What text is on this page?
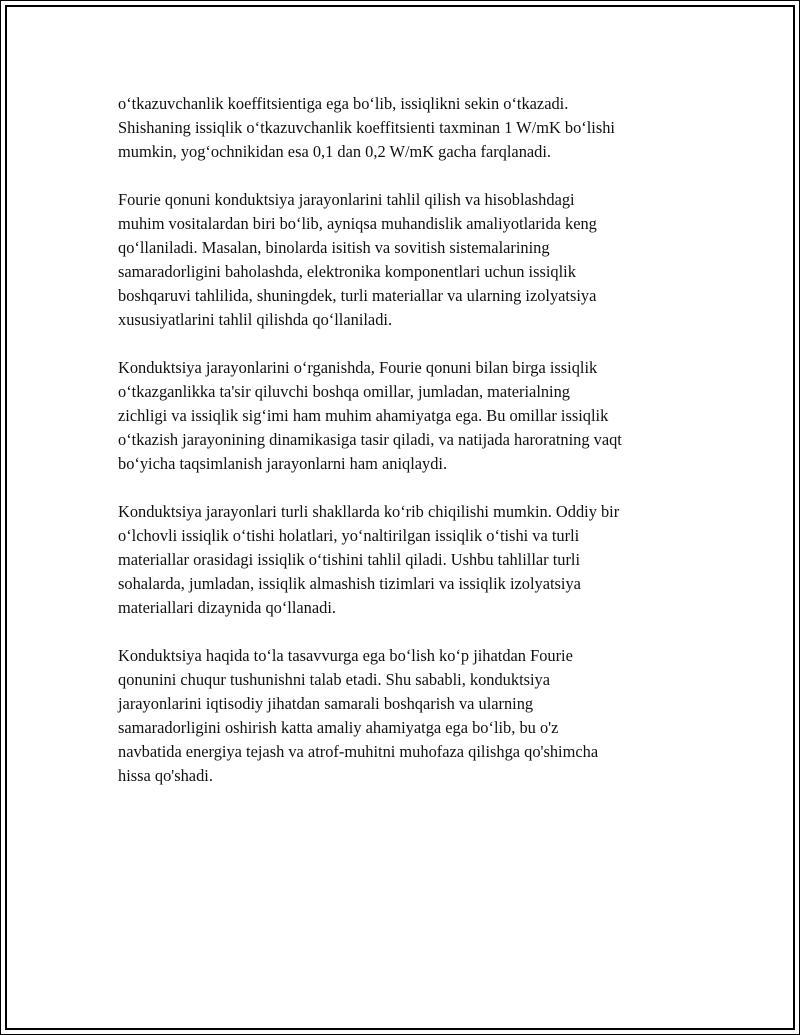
o‘tkazuvchanlik koeffitsientiga ega bo‘lib, issiqlikni sekin o‘tkazadi.
Shishaning issiqlik o‘tkazuvchanlik koeffitsienti taxminan 1 W/mK bo‘lishi
mumkin, yog‘ochnikidan esa 0,1 dan 0,2 W/mK gacha farqlanadi.

Fourie qonuni konduktsiya jarayonlarini tahlil qilish va hisoblashdagi
muhim vositalardan biri bo‘lib, ayniqsa muhandislik amaliyotlarida keng
qo‘llaniladi. Masalan, binolarda isitish va sovitish sistemalarining
samaradorligini baholashda, elektronika komponentlari uchun issiqlik
boshqaruvi tahlilida, shuningdek, turli materiallar va ularning izolyatsiya
xususiyatlarini tahlil qilishda qo‘llaniladi.

Konduktsiya jarayonlarini o‘rganishda, Fourie qonuni bilan birga issiqlik
o‘tkazganlikka ta'sir qiluvchi boshqa omillar, jumladan, materialning
zichligi va issiqlik sig‘imi ham muhim ahamiyatga ega. Bu omillar issiqlik
o‘tkazish jarayonining dinamikasiga tasir qiladi, va natijada haroratning vaqt
bo‘yicha taqsimlanish jarayonlarni ham aniqlaydi.

Konduktsiya jarayonlari turli shakllarda ko‘rib chiqilishi mumkin. Oddiy bir
o‘lchovli issiqlik o‘tishi holatlari, yo‘naltirilgan issiqlik o‘tishi va turli
materiallar orasidagi issiqlik o‘tishini tahlil qiladi. Ushbu tahlillar turli
sohalarda, jumladan, issiqlik almashish tizimlari va issiqlik izolyatsiya
materiallari dizaynida qo‘llanadi.

Konduktsiya haqida to‘la tasavvurga ega bo‘lish ko‘p jihatdan Fourie
qonunini chuqur tushunishni talab etadi. Shu sababli, konduktsiya
jarayonlarini iqtisodiy jihatdan samarali boshqarish va ularning
samaradorligini oshirish katta amaliy ahamiyatga ega bo‘lib, bu o'z
navbatida energiya tejash va atrof-muhitni muhofaza qilishga qo'shimcha
hissa qo'shadi.
